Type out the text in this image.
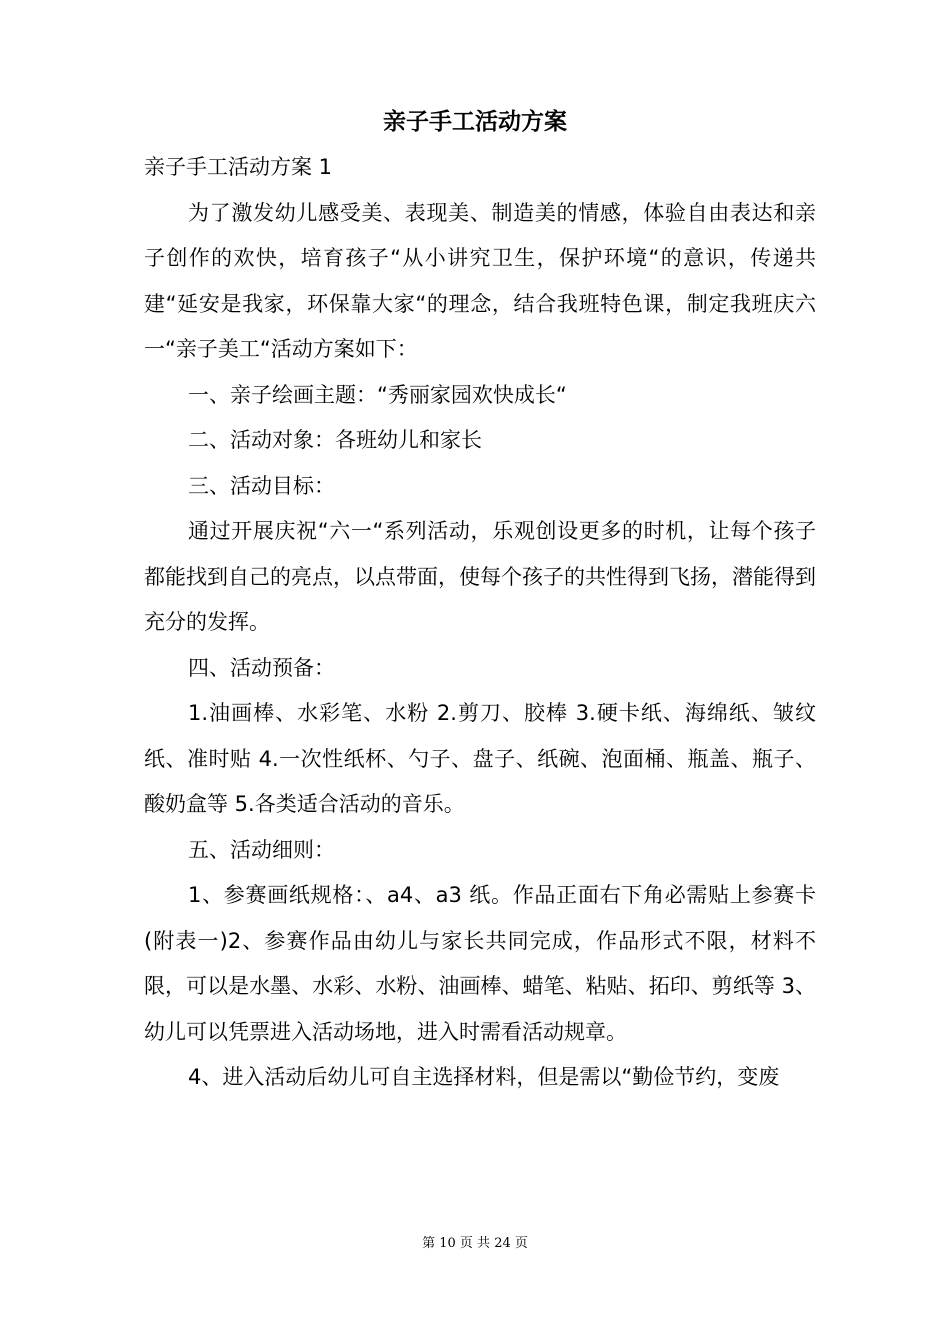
亲子手工活动方案

亲子手工活动方案 1

为了激发幼儿感受美、表现美、制造美的情感，体验自由表达和亲子创作的欢快，培育孩子“从小讲究卫生，保护环境“的意识，传递共建“延安是我家，环保靠大家“的理念，结合我班特色课，制定我班庆六一“亲子美工“活动方案如下：

一、亲子绘画主题：“秀丽家园欢快成长“

二、活动对象：各班幼儿和家长

三、活动目标：

通过开展庆祝“六一“系列活动，乐观创设更多的时机，让每个孩子都能找到自己的亮点，以点带面，使每个孩子的共性得到飞扬，潜能得到充分的发挥。

四、活动预备：

1.油画棒、水彩笔、水粉 2.剪刀、胶棒 3.硬卡纸、海绵纸、皱纹纸、准时贴 4.一次性纸杯、勺子、盘子、纸碗、泡面桶、瓶盖、瓶子、酸奶盒等 5.各类适合活动的音乐。

五、活动细则：

1、参赛画纸规格：、a4、a3 纸。作品正面右下角必需贴上参赛卡(附表一)2、参赛作品由幼儿与家长共同完成，作品形式不限，材料不限，可以是水墨、水彩、水粉、油画棒、蜡笔、粘贴、拓印、剪纸等 3、幼儿可以凭票进入活动场地，进入时需看活动规章。

4、进入活动后幼儿可自主选择材料，但是需以“勤俭节约，变废

第 10 页 共 24 页
